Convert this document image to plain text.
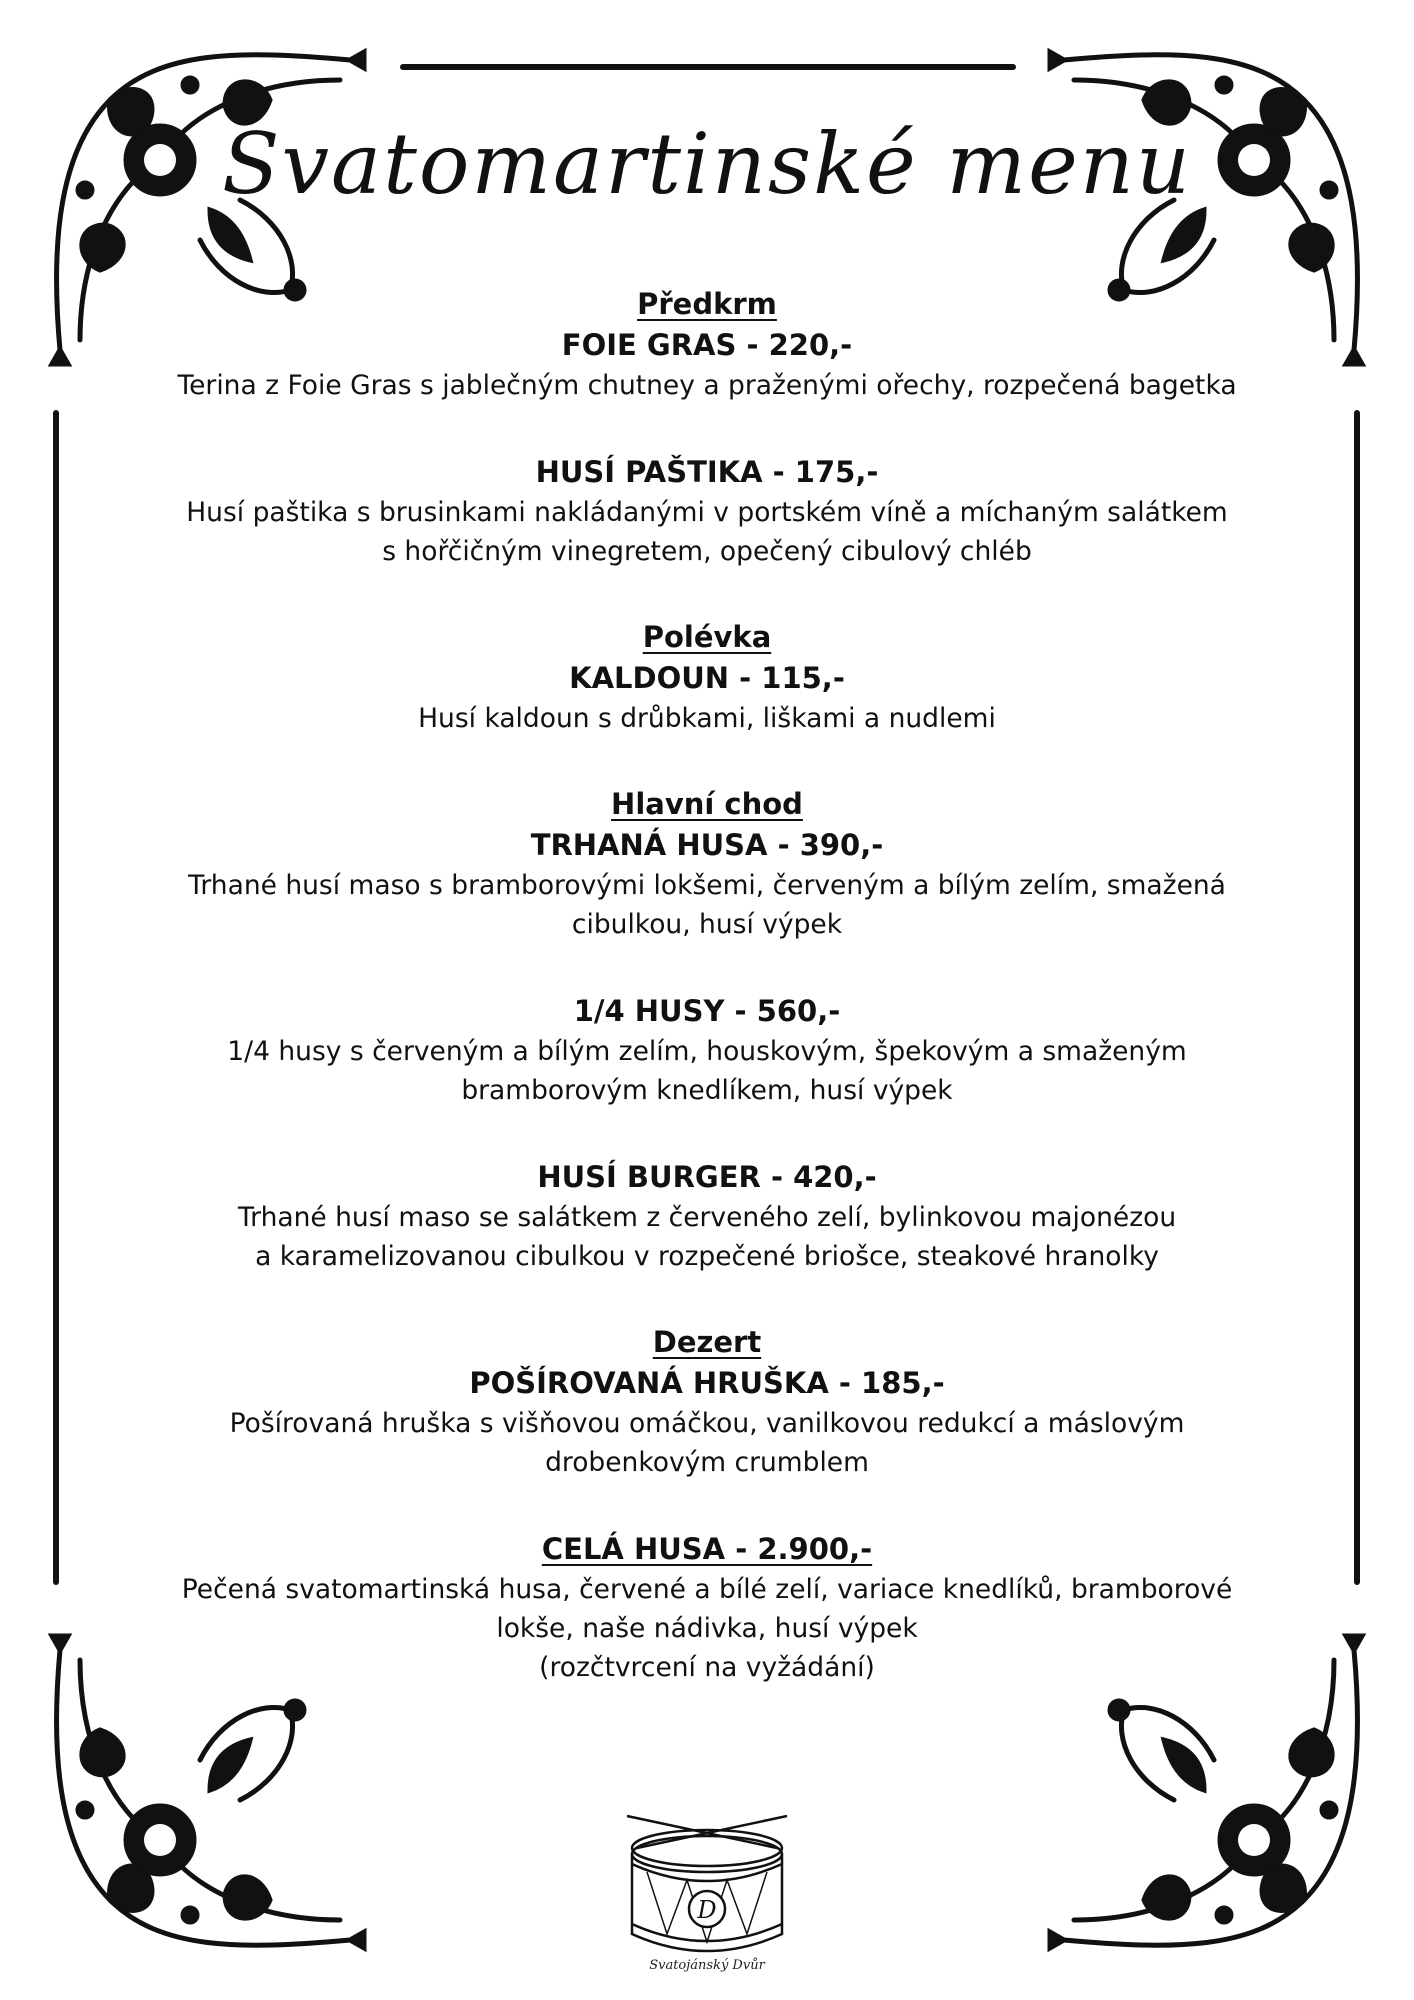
Svatomartinské menu
Předkrm
FOIE GRAS - 220,-
Terina z Foie Gras s jablečným chutney a praženými ořechy, rozpečená bagetka
HUSÍ PAŠTIKA - 175,-
Husí paštika s brusinkami nakládanými v portském víně a míchaným salátkem
s hořčičným vinegretem, opečený cibulový chléb
Polévka
KALDOUN - 115,-
Husí kaldoun s drůbkami, liškami a nudlemi
Hlavní chod
TRHANÁ HUSA - 390,-
Trhané husí maso s bramborovými lokšemi, červeným a bílým zelím, smažená
cibulkou, husí výpek
1/4 HUSY - 560,-
1/4 husy s červeným a bílým zelím, houskovým, špekovým a smaženým
bramborovým knedlíkem, husí výpek
HUSÍ BURGER - 420,-
Trhané husí maso se salátkem z červeného zelí, bylinkovou majonézou
a karamelizovanou cibulkou v rozpečené briošce, steakové hranolky
Dezert
POŠÍROVANÁ HRUŠKA - 185,-
Pošírovaná hruška s višňovou omáčkou, vanilkovou redukcí a máslovým
drobenkovým crumblem
CELÁ HUSA - 2.900,-
Pečená svatomartinská husa, červené a bílé zelí, variace knedlíků, bramborové
lokše, naše nádivka, husí výpek
(rozčtvrcení na vyžádání)
D
Svatojánský Dvůr
